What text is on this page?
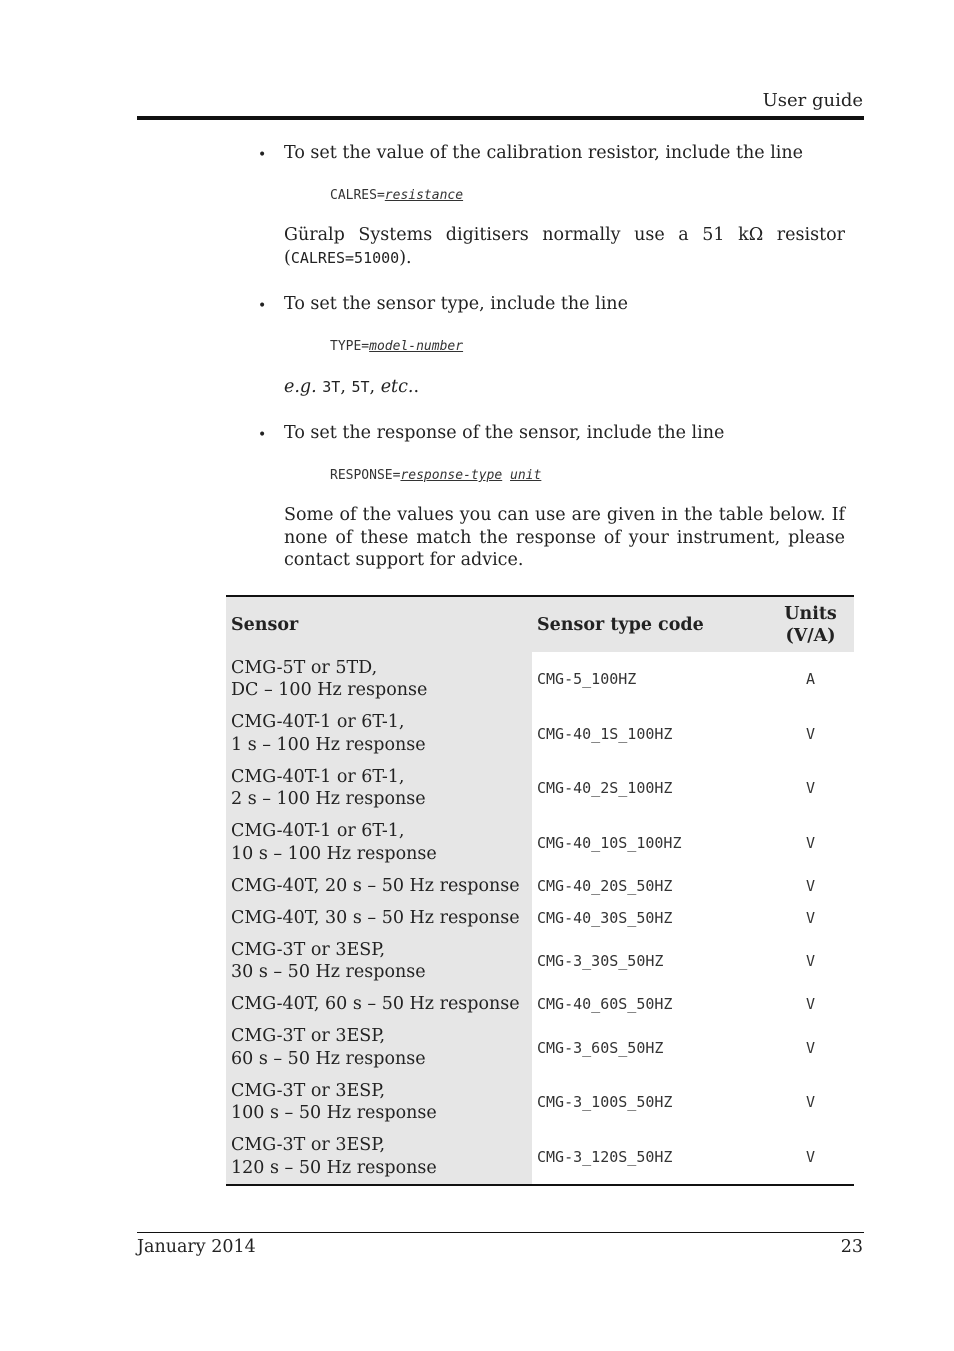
User guide
• To set the value of the calibration resistor, include the line
CALRES=resistance
Güralp Systems digitisers normally use a 51 kΩ resistor (CALRES=51000).
• To set the sensor type, include the line
TYPE=model-number
e.g. 3T, 5T, etc..
• To set the response of the sensor, include the line
RESPONSE=response-type unit
Some of the values you can use are given in the table below. If none of these match the response of your instrument, please contact support for advice.
Sensor	Sensor type code	Units
(V/A)
CMG-5T or 5TD,
DC – 100 Hz response	CMG-5_100HZ	A
CMG-40T-1 or 6T-1,
1 s – 100 Hz response	CMG-40_1S_100HZ	V
CMG-40T-1 or 6T-1,
2 s – 100 Hz response	CMG-40_2S_100HZ	V
CMG-40T-1 or 6T-1,
10 s – 100 Hz response	CMG-40_10S_100HZ	V
CMG-40T, 20 s – 50 Hz response	CMG-40_20S_50HZ	V
CMG-40T, 30 s – 50 Hz response	CMG-40_30S_50HZ	V
CMG-3T or 3ESP,
30 s – 50 Hz response	CMG-3_30S_50HZ	V
CMG-40T, 60 s – 50 Hz response	CMG-40_60S_50HZ	V
CMG-3T or 3ESP,
60 s – 50 Hz response	CMG-3_60S_50HZ	V
CMG-3T or 3ESP,
100 s – 50 Hz response	CMG-3_100S_50HZ	V
CMG-3T or 3ESP,
120 s – 50 Hz response	CMG-3_120S_50HZ	V
January 2014	23
